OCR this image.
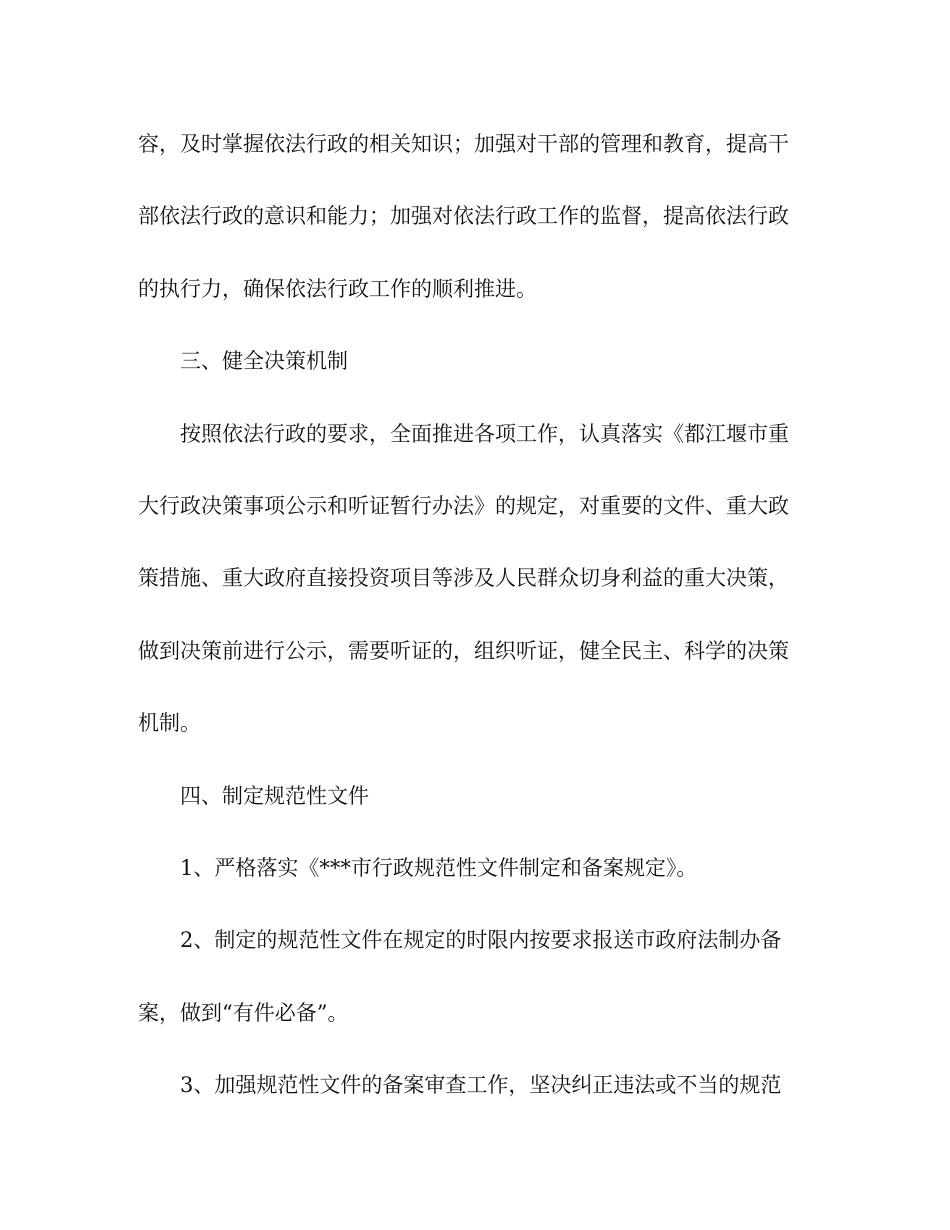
容，及时掌握依法行政的相关知识；加强对干部的管理和教育，提高干
部依法行政的意识和能力；加强对依法行政工作的监督，提高依法行政
的执行力，确保依法行政工作的顺利推进。
三、健全决策机制
按照依法行政的要求，全面推进各项工作，认真落实《都江堰市重
大行政决策事项公示和听证暂行办法》的规定，对重要的文件、重大政
策措施、重大政府直接投资项目等涉及人民群众切身利益的重大决策，
做到决策前进行公示，需要听证的，组织听证，健全民主、科学的决策
机制。
四、制定规范性文件
1、严格落实《***市行政规范性文件制定和备案规定》。
2、制定的规范性文件在规定的时限内按要求报送市政府法制办备
案，做到“有件必备”。
3、加强规范性文件的备案审查工作，坚决纠正违法或不当的规范
